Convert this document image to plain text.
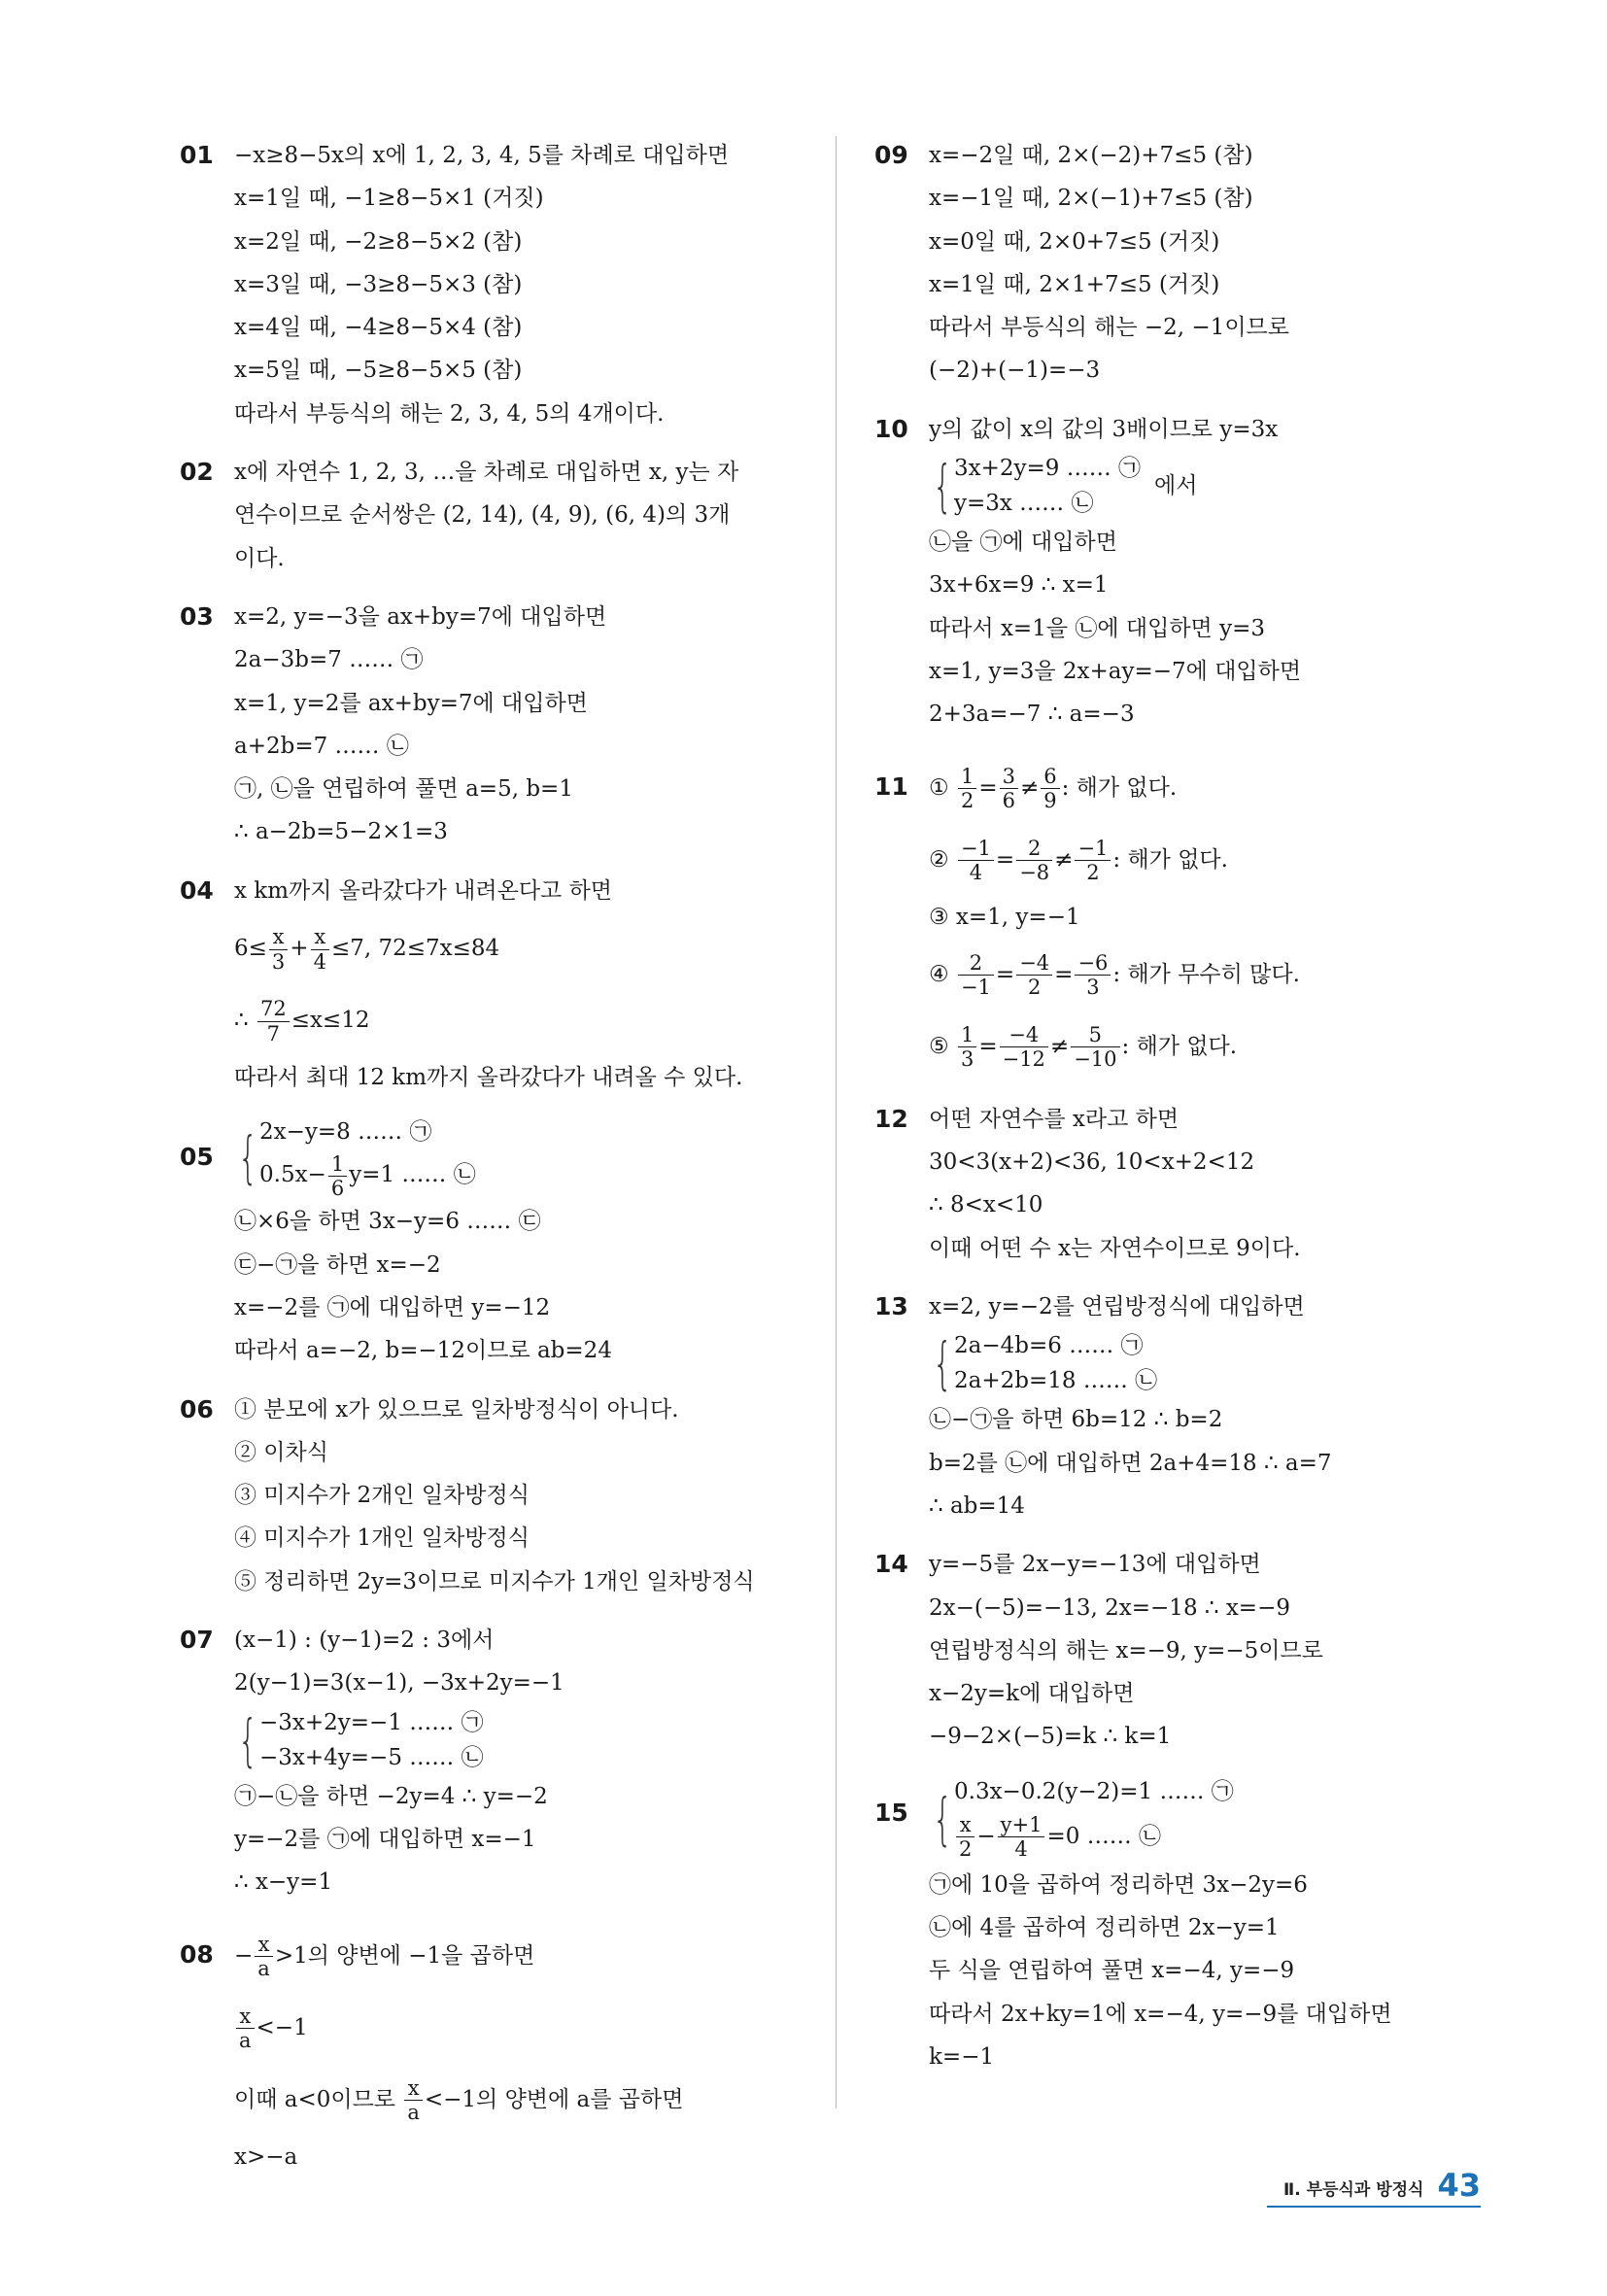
01 −x≥8−5x의 x에 1, 2, 3, 4, 5를 차례로 대입하면
x=1일 때, −1≥8−5×1 (거짓)
x=2일 때, −2≥8−5×2 (참)
x=3일 때, −3≥8−5×3 (참)
x=4일 때, −4≥8−5×4 (참)
x=5일 때, −5≥8−5×5 (참)
따라서 부등식의 해는 2, 3, 4, 5의 4개이다.
02 x에 자연수 1, 2, 3, …을 차례로 대입하면 x, y는 자
연수이므로 순서쌍은 (2, 14), (4, 9), (6, 4)의 3개
이다.
03 x=2, y=−3을 ax+by=7에 대입하면
2a−3b=7 …… ㉠
x=1, y=2를 ax+by=7에 대입하면
a+2b=7 …… ㉡
㉠, ㉡을 연립하여 풀면 a=5, b=1
∴ a−2b=5−2×1=3
04 x km까지 올라갔다가 내려온다고 하면
$6\le \frac{x}{3} + \frac{x}{4} \le 7$, 72≤7x≤84
∴ $\frac{72}{7} \le x\le 12$
따라서 최대 12 km까지 올라갔다가 내려올 수 있다.
05 { 2x−y=8 …… ㉠
$0.5x- \frac{1}{6} y=1$ …… ㉡
㉡×6을 하면 3x−y=6 …… ㉢
㉢−㉠을 하면 x=−2
x=−2를 ㉠에 대입하면 y=−12
따라서 a=−2, b=−12이므로 ab=24
06 ① 분모에 x가 있으므로 일차방정식이 아니다.
② 이차식
③ 미지수가 2개인 일차방정식
④ 미지수가 1개인 일차방정식
⑤ 정리하면 2y=3이므로 미지수가 1개인 일차방정식
07 (x−1) : (y−1)=2 : 3에서
2(y−1)=3(x−1), −3x+2y=−1
{ −3x+2y=−1 …… ㉠
−3x+4y=−5 …… ㉡
㉠−㉡을 하면 −2y=4 ∴ y=−2
y=−2를 ㉠에 대입하면 x=−1
∴ x−y=1
$08 - \frac{x}{a} >1$의 양변에 −1을 곱하면
$\frac{x}{a} <-1$
이때 a<0이므로 $\frac{x}{a} <-1$의 양변에 a를 곱하면
x>−a
09 x=−2일 때, 2×(−2)+7≤5 (참)
x=−1일 때, 2×(−1)+7≤5 (참)
x=0일 때, 2×0+7≤5 (거짓)
x=1일 때, 2×1+7≤5 (거짓)
따라서 부등식의 해는 −2, −1이므로
(−2)+(−1)=−3
10 y의 값이 x의 값의 3배이므로 y=3x
{ 3x+2y=9 …… ㉠
y=3x …… ㉡
에서
㉡을 ㉠에 대입하면
3x+6x=9 ∴ x=1
따라서 x=1을 ㉡에 대입하면 y=3
x=1, y=3을 2x+ay=−7에 대입하면
2+3a=−7 ∴ a=−3
11 ① $\frac{1}{2} = \frac{3}{6} \ne \frac{6}{9}$ : 해가 없다.
② $\frac{-1}{4} = \frac{2}{-8} \ne \frac{-1}{2}$ : 해가 없다.
③ x=1, y=−1
④ $\frac{2}{-1} = \frac{-4}{2} = \frac{-6}{3}$ : 해가 무수히 많다.
⑤ $\frac{1}{3} = \frac{-4}{-12} \ne \frac{5}{-10}$ : 해가 없다.
12 어떤 자연수를 x라고 하면
30<3(x+2)<36, 10<x+2<12
∴ 8<x<10
이때 어떤 수 x는 자연수이므로 9이다.
13 x=2, y=−2를 연립방정식에 대입하면
{ 2a−4b=6 …… ㉠
2a+2b=18 …… ㉡
㉡−㉠을 하면 6b=12 ∴ b=2
b=2를 ㉡에 대입하면 2a+4=18 ∴ a=7
∴ ab=14
14 y=−5를 2x−y=−13에 대입하면
2x−(−5)=−13, 2x=−18 ∴ x=−9
연립방정식의 해는 x=−9, y=−5이므로
x−2y=k에 대입하면
−9−2×(−5)=k ∴ k=1
15 { 0.3x−0.2(y−2)=1 …… ㉠
$\frac{x}{2} - \frac{y+1}{4} =0$ …… ㉡
㉠에 10을 곱하여 정리하면 3x−2y=6
㉡에 4를 곱하여 정리하면 2x−y=1
두 식을 연립하여 풀면 x=−4, y=−9
따라서 2x+ky=1에 x=−4, y=−9를 대입하면
k=−1
Ⅱ. 부등식과 방정식 43
